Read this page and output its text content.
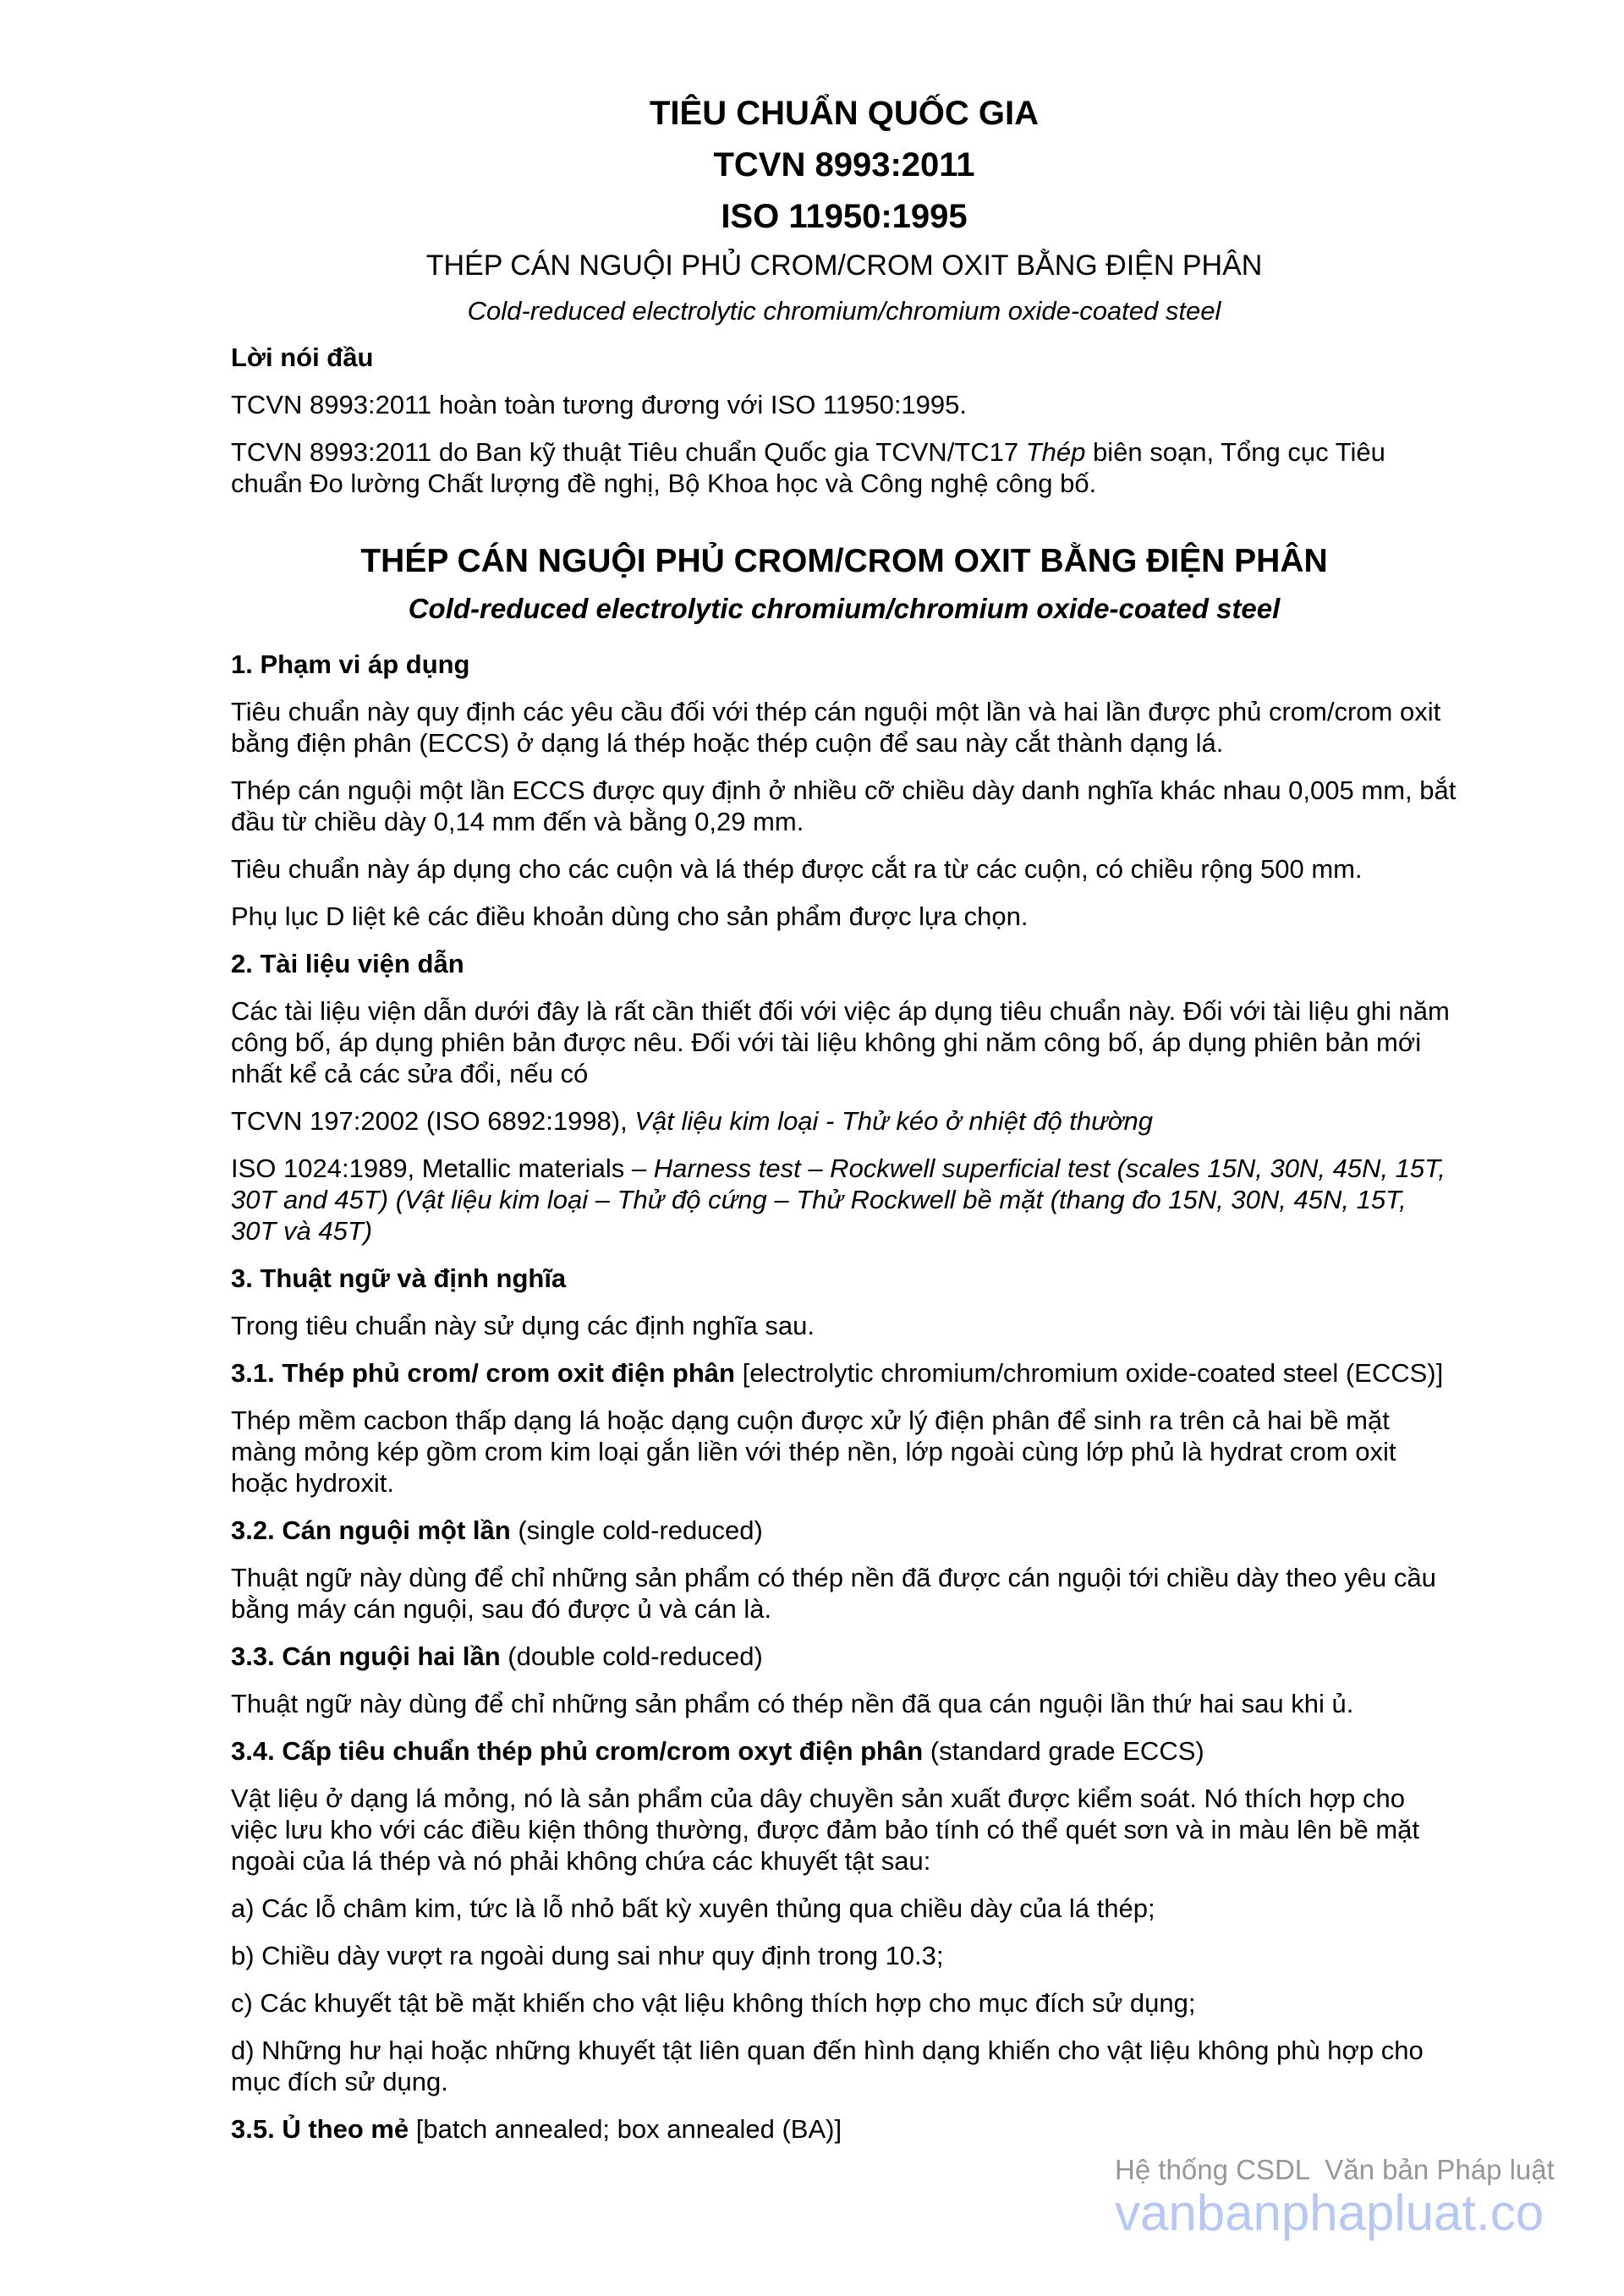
TIÊU CHUẨN QUỐC GIA
TCVN 8993:2011
ISO 11950:1995
THÉP CÁN NGUỘI PHỦ CROM/CROM OXIT BẰNG ĐIỆN PHÂN
Cold-reduced electrolytic chromium/chromium oxide-coated steel

Lời nói đầu

TCVN 8993:2011 hoàn toàn tương đương với ISO 11950:1995.

TCVN 8993:2011 do Ban kỹ thuật Tiêu chuẩn Quốc gia TCVN/TC17 Thép biên soạn, Tổng cục Tiêu chuẩn Đo lường Chất lượng đề nghị, Bộ Khoa học và Công nghệ công bố.

THÉP CÁN NGUỘI PHỦ CROM/CROM OXIT BẰNG ĐIỆN PHÂN
Cold-reduced electrolytic chromium/chromium oxide-coated steel

1. Phạm vi áp dụng

Tiêu chuẩn này quy định các yêu cầu đối với thép cán nguội một lần và hai lần được phủ crom/crom oxit bằng điện phân (ECCS) ở dạng lá thép hoặc thép cuộn để sau này cắt thành dạng lá.

Thép cán nguội một lần ECCS được quy định ở nhiều cỡ chiều dày danh nghĩa khác nhau 0,005 mm, bắt đầu từ chiều dày 0,14 mm đến và bằng 0,29 mm.

Tiêu chuẩn này áp dụng cho các cuộn và lá thép được cắt ra từ các cuộn, có chiều rộng 500 mm.

Phụ lục D liệt kê các điều khoản dùng cho sản phẩm được lựa chọn.

2. Tài liệu viện dẫn

Các tài liệu viện dẫn dưới đây là rất cần thiết đối với việc áp dụng tiêu chuẩn này. Đối với tài liệu ghi năm công bố, áp dụng phiên bản được nêu. Đối với tài liệu không ghi năm công bố, áp dụng phiên bản mới nhất kể cả các sửa đổi, nếu có

TCVN 197:2002 (ISO 6892:1998), Vật liệu kim loại - Thử kéo ở nhiệt độ thường

ISO 1024:1989, Metallic materials – Harness test – Rockwell superficial test (scales 15N, 30N, 45N, 15T, 30T and 45T) (Vật liệu kim loại – Thử độ cứng – Thử Rockwell bề mặt (thang đo 15N, 30N, 45N, 15T, 30T và 45T)

3. Thuật ngữ và định nghĩa

Trong tiêu chuẩn này sử dụng các định nghĩa sau.

3.1. Thép phủ crom/ crom oxit điện phân [electrolytic chromium/chromium oxide-coated steel (ECCS)]

Thép mềm cacbon thấp dạng lá hoặc dạng cuộn được xử lý điện phân để sinh ra trên cả hai bề mặt màng mỏng kép gồm crom kim loại gắn liền với thép nền, lớp ngoài cùng lớp phủ là hydrat crom oxit hoặc hydroxit.

3.2. Cán nguội một lần (single cold-reduced)

Thuật ngữ này dùng để chỉ những sản phẩm có thép nền đã được cán nguội tới chiều dày theo yêu cầu bằng máy cán nguội, sau đó được ủ và cán là.

3.3. Cán nguội hai lần (double cold-reduced)

Thuật ngữ này dùng để chỉ những sản phẩm có thép nền đã qua cán nguội lần thứ hai sau khi ủ.

3.4. Cấp tiêu chuẩn thép phủ crom/crom oxyt điện phân (standard grade ECCS)

Vật liệu ở dạng lá mỏng, nó là sản phẩm của dây chuyền sản xuất được kiểm soát. Nó thích hợp cho việc lưu kho với các điều kiện thông thường, được đảm bảo tính có thể quét sơn và in màu lên bề mặt ngoài của lá thép và nó phải không chứa các khuyết tật sau:

a) Các lỗ châm kim, tức là lỗ nhỏ bất kỳ xuyên thủng qua chiều dày của lá thép;

b) Chiều dày vượt ra ngoài dung sai như quy định trong 10.3;

c) Các khuyết tật bề mặt khiến cho vật liệu không thích hợp cho mục đích sử dụng;

d) Những hư hại hoặc những khuyết tật liên quan đến hình dạng khiến cho vật liệu không phù hợp cho mục đích sử dụng.

3.5. Ủ theo mẻ [batch annealed; box annealed (BA)]

Hệ thống CSDL  Văn bản Pháp luật
vanbanphapluat.co
